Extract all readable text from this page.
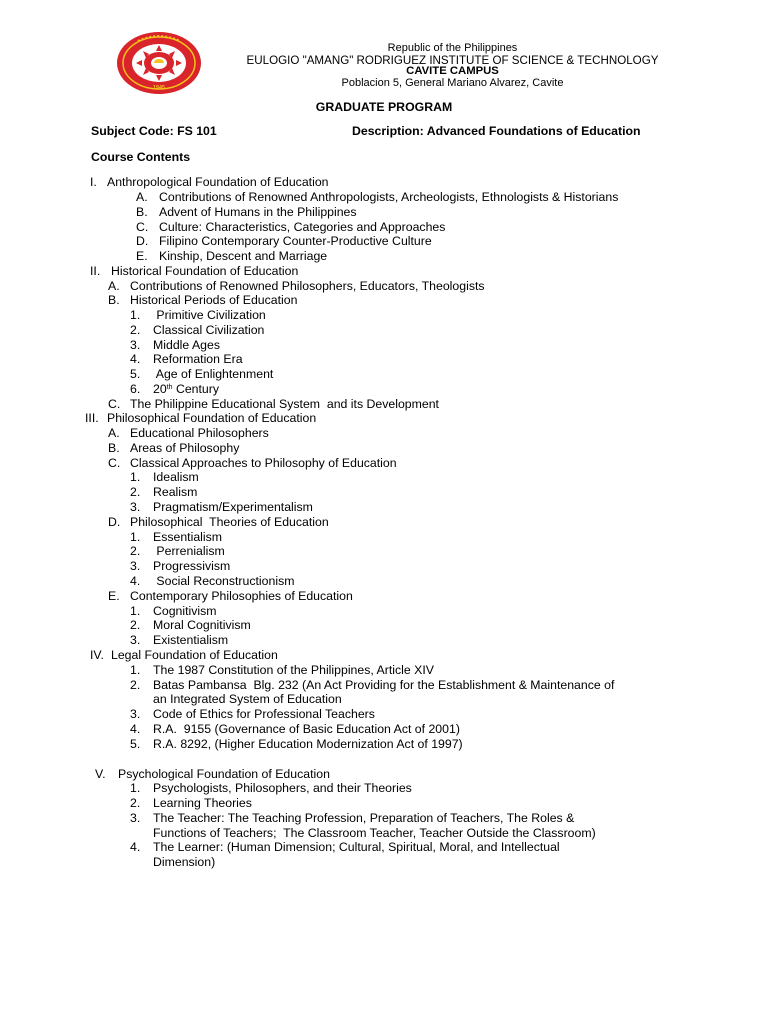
1945
Republic of the Philippines
EULOGIO "AMANG" RODRIGUEZ INSTITUTE OF SCIENCE & TECHNOLOGY
CAVITE CAMPUS
Poblacion 5, General Mariano Alvarez, Cavite
GRADUATE PROGRAM
Subject Code: FS 101	Description: Advanced Foundations of Education
Course Contents
I. Anthropological Foundation of Education
A. Contributions of Renowned Anthropologists, Archeologists, Ethnologists & Historians
B. Advent of Humans in the Philippines
C. Culture: Characteristics, Categories and Approaches
D. Filipino Contemporary Counter-Productive Culture
E. Kinship, Descent and Marriage
II. Historical Foundation of Education
A. Contributions of Renowned Philosophers, Educators, Theologists
B. Historical Periods of Education
1. Primitive Civilization
2. Classical Civilization
3. Middle Ages
4. Reformation Era
5. Age of Enlightenment
6. 20th Century
C. The Philippine Educational System  and its Development
III. Philosophical Foundation of Education
A. Educational Philosophers
B. Areas of Philosophy
C. Classical Approaches to Philosophy of Education
1. Idealism
2. Realism
3. Pragmatism/Experimentalism
D. Philosophical  Theories of Education
1. Essentialism
2. Perrenialism
3. Progressivism
4. Social Reconstructionism
E. Contemporary Philosophies of Education
1. Cognitivism
2. Moral Cognitivism
3. Existentialism
IV. Legal Foundation of Education
1. The 1987 Constitution of the Philippines, Article XIV
2. Batas Pambansa  Blg. 232 (An Act Providing for the Establishment & Maintenance of
an Integrated System of Education
3. Code of Ethics for Professional Teachers
4. R.A.  9155 (Governance of Basic Education Act of 2001)
5. R.A. 8292, (Higher Education Modernization Act of 1997)
V. Psychological Foundation of Education
1. Psychologists, Philosophers, and their Theories
2. Learning Theories
3. The Teacher: The Teaching Profession, Preparation of Teachers, The Roles &
Functions of Teachers;  The Classroom Teacher, Teacher Outside the Classroom)
4. The Learner: (Human Dimension; Cultural, Spiritual, Moral, and Intellectual
Dimension)
